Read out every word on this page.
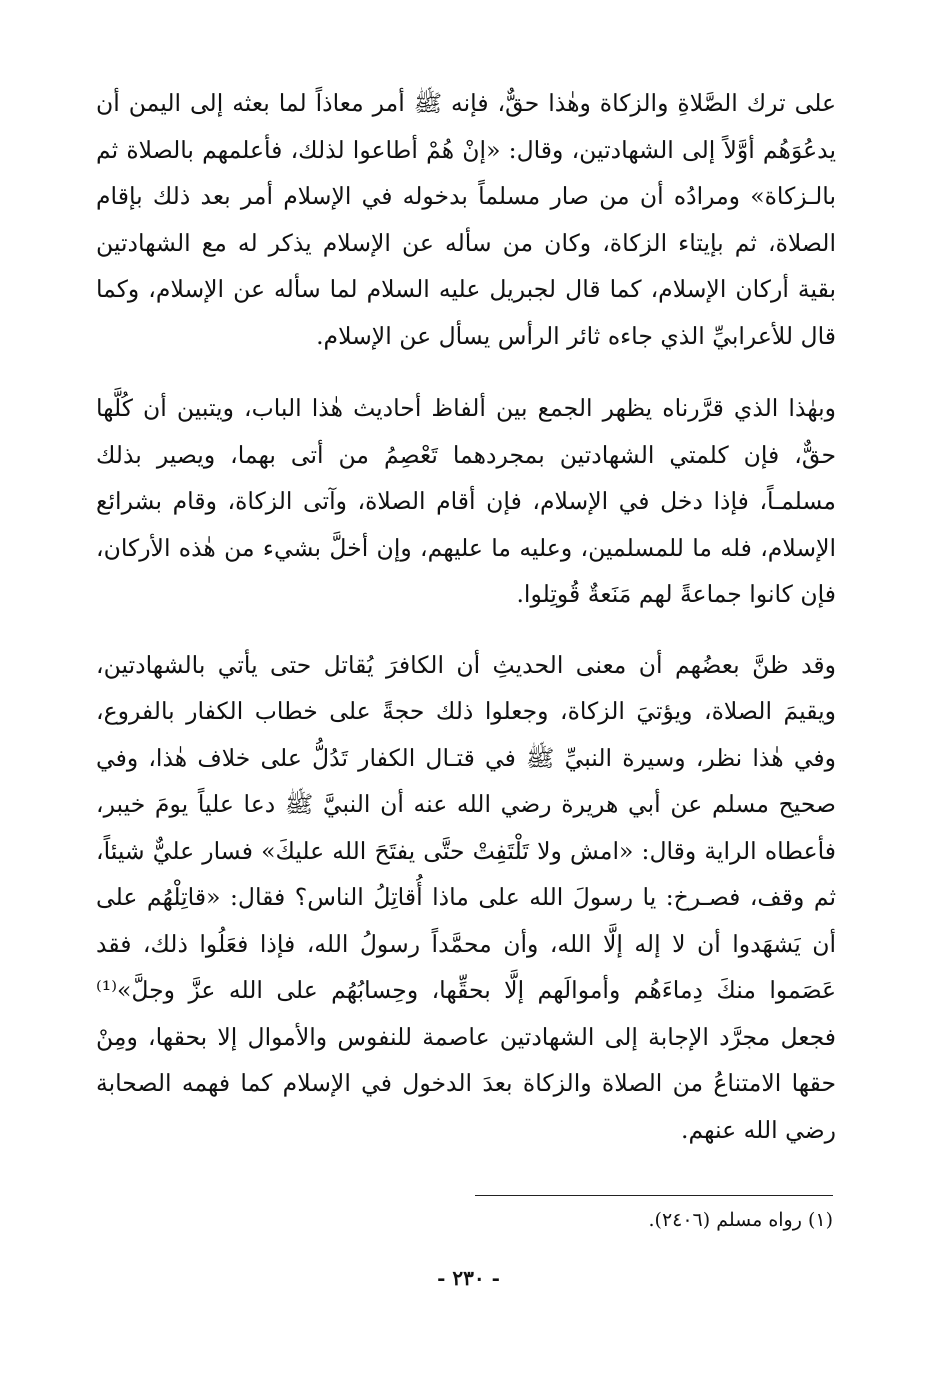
على ترك الصَّلاةِ والزكاة وهٰذا حقٌّ، فإنه ﷺ أمر معاذاً لما بعثه إلى اليمن أن يدعُوَهُم أوَّلاً إلى الشهادتين، وقال: «إنْ هُمْ أطاعوا لذلك، فأعلمهم بالصلاة ثم بالـزكاة» ومرادُه أن من صار مسلماً بدخوله في الإسلام أمر بعد ذلك بإقام الصلاة، ثم بإيتاء الزكاة، وكان من سأله عن الإسلام يذكر له مع الشهادتين بقية أركان الإسلام، كما قال لجبريل عليه السلام لما سأله عن الإسلام، وكما قال للأعرابيِّ الذي جاءه ثائر الرأس يسأل عن الإسلام.

وبهٰذا الذي قرَّرناه يظهر الجمع بين ألفاظ أحاديث هٰذا الباب، ويتبين أن كُلَّها حقٌّ، فإن كلمتي الشهادتين بمجردهما تَعْصِمُ من أتى بهما، ويصير بذلك مسلمـاً، فإذا دخل في الإسلام، فإن أقام الصلاة، وآتى الزكاة، وقام بشرائع الإسلام، فله ما للمسلمين، وعليه ما عليهم، وإن أخلَّ بشيء من هٰذه الأركان، فإن كانوا جماعةً لهم مَنَعةٌ قُوتِلوا.

وقد ظنَّ بعضُهم أن معنى الحديثِ أن الكافرَ يُقاتل حتى يأتي بالشهادتين، ويقيمَ الصلاة، ويؤتيَ الزكاة، وجعلوا ذلك حجةً على خطاب الكفار بالفروع، وفي هٰذا نظر، وسيرة النبيِّ ﷺ في قتـال الكفار تَدُلُّ على خلاف هٰذا، وفي صحيح مسلم عن أبي هريرة رضي الله عنه أن النبيَّ ﷺ دعا علياً يومَ خيبر، فأعطاه الراية وقال: «امش ولا تَلْتَفِتْ حتَّى يفتَحَ الله عليكَ» فسار عليٌّ شيئاً، ثم وقف، فصـرخ: يا رسولَ الله على ماذا أُقاتِلُ الناس؟ فقال: «قاتِلْهُم على أن يَشهَدوا أن لا إله إلَّا الله، وأن محمَّداً رسولُ الله، فإذا فعَلُوا ذلك، فقد عَصَموا منكَ دِماءَهُم وأموالَهم إلَّا بحقِّها، وحِسابُهُم على الله عزَّ وجلَّ»⁽¹⁾ فجعل مجرَّد الإجابة إلى الشهادتين عاصمة للنفوس والأموال إلا بحقها، ومِنْ حقها الامتناعُ من الصلاة والزكاة بعدَ الدخول في الإسلام كما فهمه الصحابة رضي الله عنهم.

(١) رواه مسلم (٢٤٠٦).
- ٢٣٠ -
